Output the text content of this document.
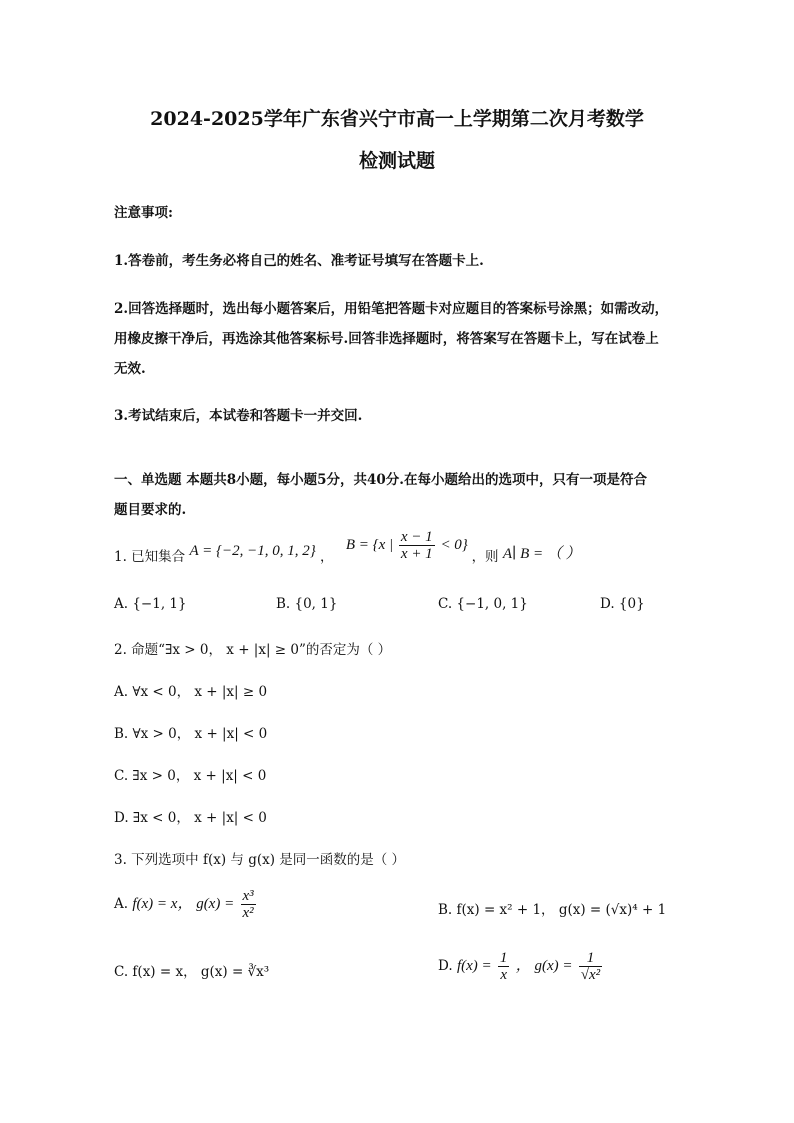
2024-2025学年广东省兴宁市高一上学期第二次月考数学
检测试题
注意事项:
1.答卷前，考生务必将自己的姓名、准考证号填写在答题卡上.
2.回答选择题时，选出每小题答案后，用铅笔把答题卡对应题目的答案标号涂黑；如需改动，
用橡皮擦干净后，再选涂其他答案标号.回答非选择题时，将答案写在答题卡上，写在试卷上
无效.
3.考试结束后，本试卷和答题卡一并交回.
一、单选题 本题共8小题，每小题5分，共40分.在每小题给出的选项中，只有一项是符合
题目要求的.
1. 已知集合 A = {−2, −1, 0, 1, 2} ， B = {x | $\frac{x - 1}{x + 1} < 0$} ，则 A∣ B = （ ）
A. {−1, 1}	B. {0, 1}	C. {−1, 0, 1}	D. {0}
2. 命题“∃x > 0， x + |x| ≥ 0”的否定为（ ）
A. ∀x < 0， x + |x| ≥ 0
B. ∀x > 0， x + |x| < 0
C. ∃x > 0， x + |x| < 0
D. ∃x < 0， x + |x| < 0
3. 下列选项中 f(x) 与 g(x) 是同一函数的是（ ）
A. f(x) = x， $g(x) = \frac{\text{x³}}{\text{x²}}$	B. f(x) = x² + 1， g(x) = (√x)⁴ + 1
C. f(x) = x， g(x) = ∛x³	D. $f(x) = \frac{1}{x}$ ， $g(x) = \frac{1}{\text{√x²}}$
